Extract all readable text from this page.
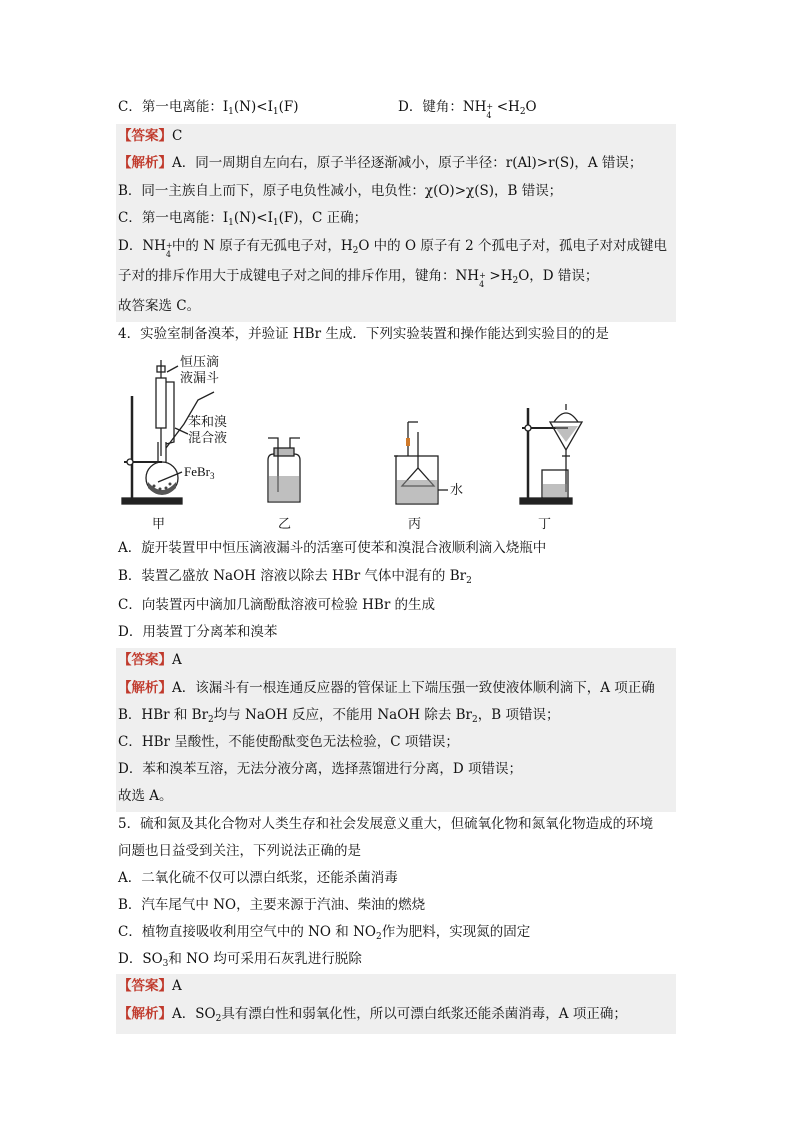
C．第一电离能：$I_1(N)<I_1(F)$	D．键角：NH +
4
$<H_2O$
【答案】C
【解析】A．同一周期自左向右，原子半径逐渐减小，原子半径：r(Al)>r(S)，A 错误；
B．同一主族自上而下，原子电负性减小，电负性：χ(O)>χ(S)，B 错误；
C．第一电离能：$I_1(N)<I_1(F)$，C 正确；
D．NH +
4
中的 N 原子有无孤电子对，$H_2O$ 中的 O 原子有 2 个孤电子对，孤电子对对成键电
子对的排斥作用大于成键电子对之间的排斥作用，键角：NH +
4
$>H_2O$，D 错误；
故答案选 C。
4．实验室制备溴苯，并验证 HBr 生成．下列实验装置和操作能达到实验目的的是
恒压滴
液漏斗
苯和溴
混合液
FeBr$_3$
水
甲	乙	丙	丁
A．旋开装置甲中恒压滴液漏斗的活塞可使苯和溴混合液顺利滴入烧瓶中
B．装置乙盛放 NaOH 溶液以除去 HBr 气体中混有的 $Br_2$
C．向装置丙中滴加几滴酚酞溶液可检验 HBr 的生成
D．用装置丁分离苯和溴苯
【答案】A
【解析】A．该漏斗有一根连通反应器的管保证上下端压强一致使液体顺利滴下，A 项正确
B．HBr 和 $Br_2$均与 NaOH 反应，不能用 NaOH 除去 $Br_2$，B 项错误；
C．HBr 呈酸性，不能使酚酞变色无法检验，C 项错误；
D．苯和溴苯互溶，无法分液分离，选择蒸馏进行分离，D 项错误；
故选 A。
5．硫和氮及其化合物对人类生存和社会发展意义重大，但硫氧化物和氮氧化物造成的环境
问题也日益受到关注，下列说法正确的是
A．二氧化硫不仅可以漂白纸浆，还能杀菌消毒
B．汽车尾气中 NO，主要来源于汽油、柴油的燃烧
C．植物直接吸收利用空气中的 NO 和 $NO_2$作为肥料，实现氮的固定
D．$SO_3$和 NO 均可采用石灰乳进行脱除
【答案】A
【解析】A．$SO_2$具有漂白性和弱氧化性，所以可漂白纸浆还能杀菌消毒，A 项正确；
